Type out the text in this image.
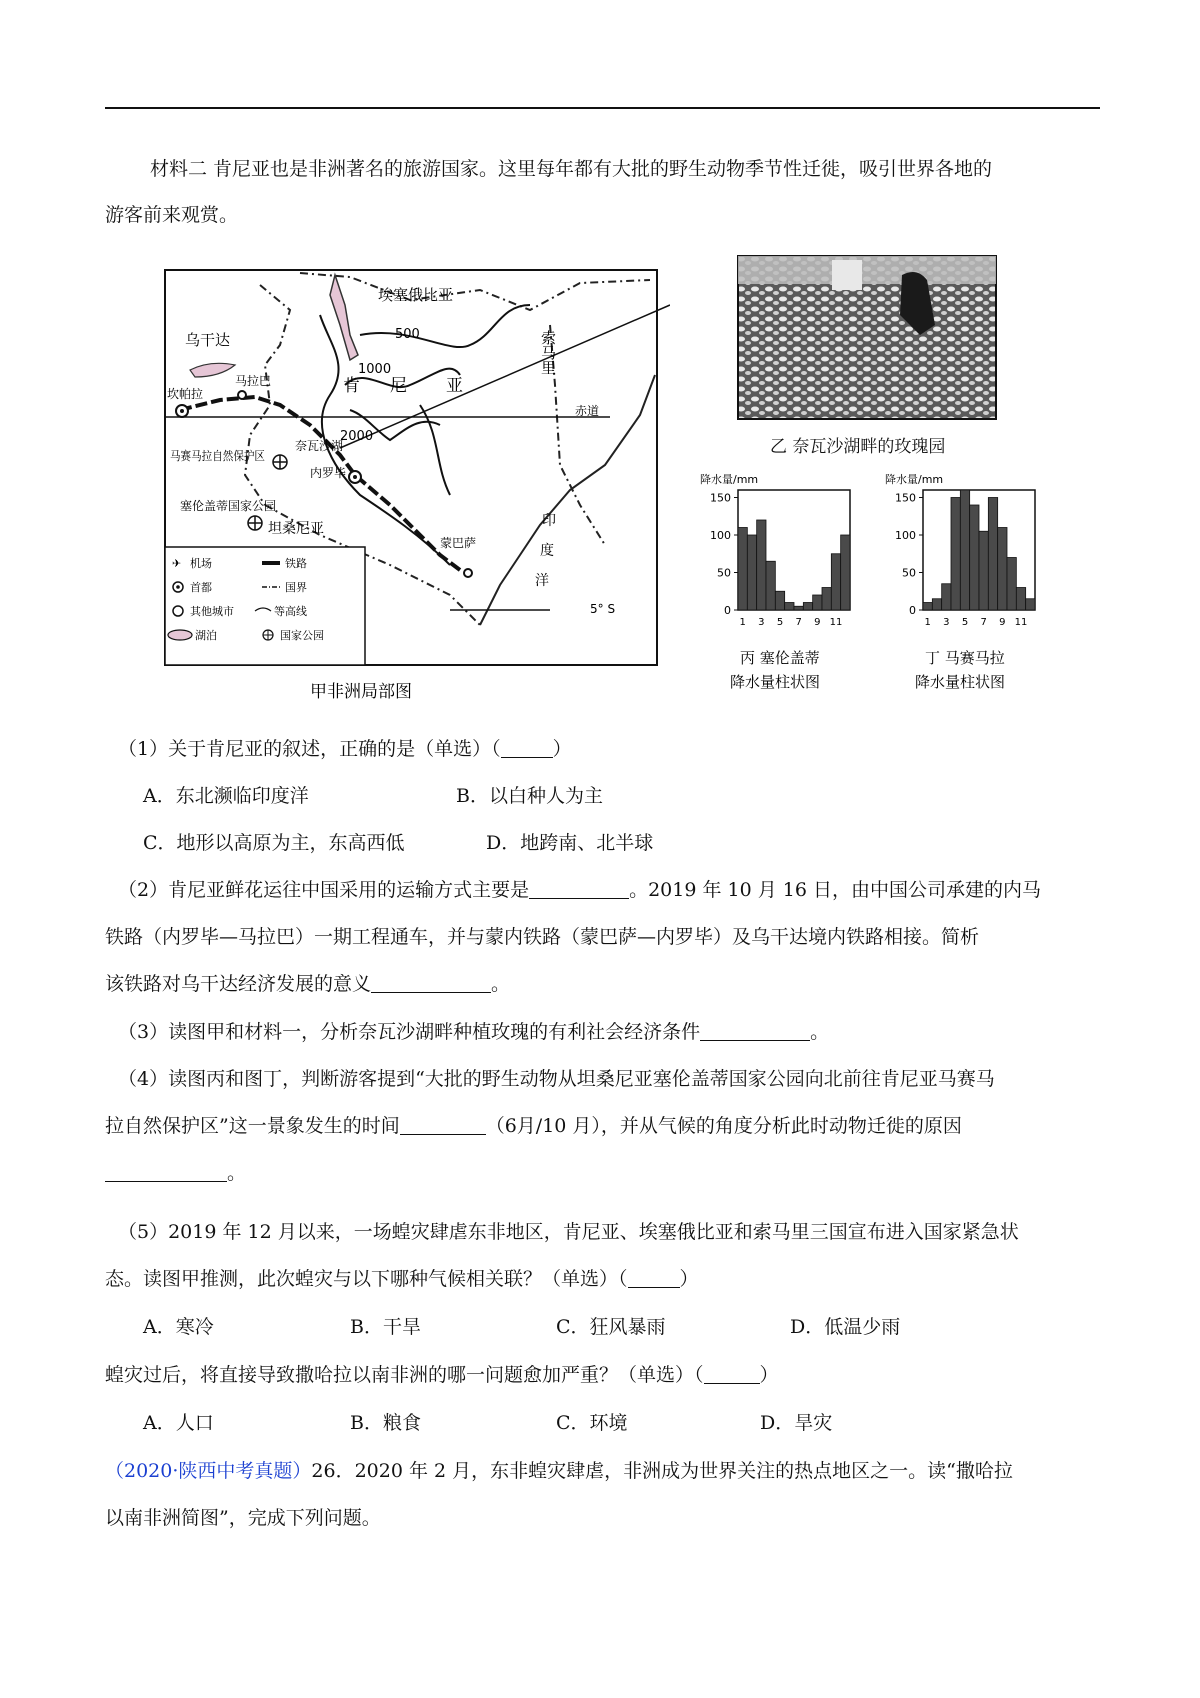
材料二 肯尼亚也是非洲著名的旅游国家。这里每年都有大批的野生动物季节性迁徙，吸引世界各地的
游客前来观赏。
埃塞俄比亚
乌干达	索马里
肯 尼 亚
500
1000
2000
赤道
坎帕拉
马拉巴
奈瓦沙湖
马赛马拉自然保护区
内罗毕
塞伦盖蒂国家公园
坦桑尼亚
蒙巴萨
印
度
洋
5° S
✈ 机场	铁路
首都	国界
其他城市	等高线
湖泊	国家公园
甲非洲局部图
乙 奈瓦沙湖畔的玫瑰园
降水量/mm
0
50
100
150
1 3 5 7 9 11
丙 塞伦盖蒂
降水量柱状图
降水量/mm
0
50
100
150
1 3 5 7 9 11
丁 马赛马拉
降水量柱状图
（1）关于肯尼亚的叙述，正确的是（单选）（	）
A．东北濒临印度洋	B．以白种人为主
C．地形以高原为主，东高西低	D．地跨南、北半球
（2）肯尼亚鲜花运往中国采用的运输方式主要是	。2019 年 10 月 16 日，由中国公司承建的内马
铁路（内罗毕—马拉巴）一期工程通车，并与蒙内铁路（蒙巴萨—内罗毕）及乌干达境内铁路相接。简析
该铁路对乌干达经济发展的意义	。
（3）读图甲和材料一，分析奈瓦沙湖畔种植玫瑰的有利社会经济条件	。
（4）读图丙和图丁，判断游客提到“大批的野生动物从坦桑尼亚塞伦盖蒂国家公园向北前往肯尼亚马赛马
拉自然保护区”这一景象发生的时间	（6月/10 月），并从气候的角度分析此时动物迁徙的原因
。
（5）2019 年 12 月以来，一场蝗灾肆虐东非地区，肯尼亚、埃塞俄比亚和索马里三国宣布进入国家紧急状
态。读图甲推测，此次蝗灾与以下哪种气候相关联？（单选）（	）
A．寒冷	B．干旱	C．狂风暴雨	D．低温少雨
蝗灾过后，将直接导致撒哈拉以南非洲的哪一问题愈加严重？（单选）（	）
A．人口	B．粮食	C．环境	D．旱灾
（2020·陕西中考真题）26．2020 年 2 月，东非蝗灾肆虐，非洲成为世界关注的热点地区之一。读“撒哈拉
以南非洲简图”，完成下列问题。
